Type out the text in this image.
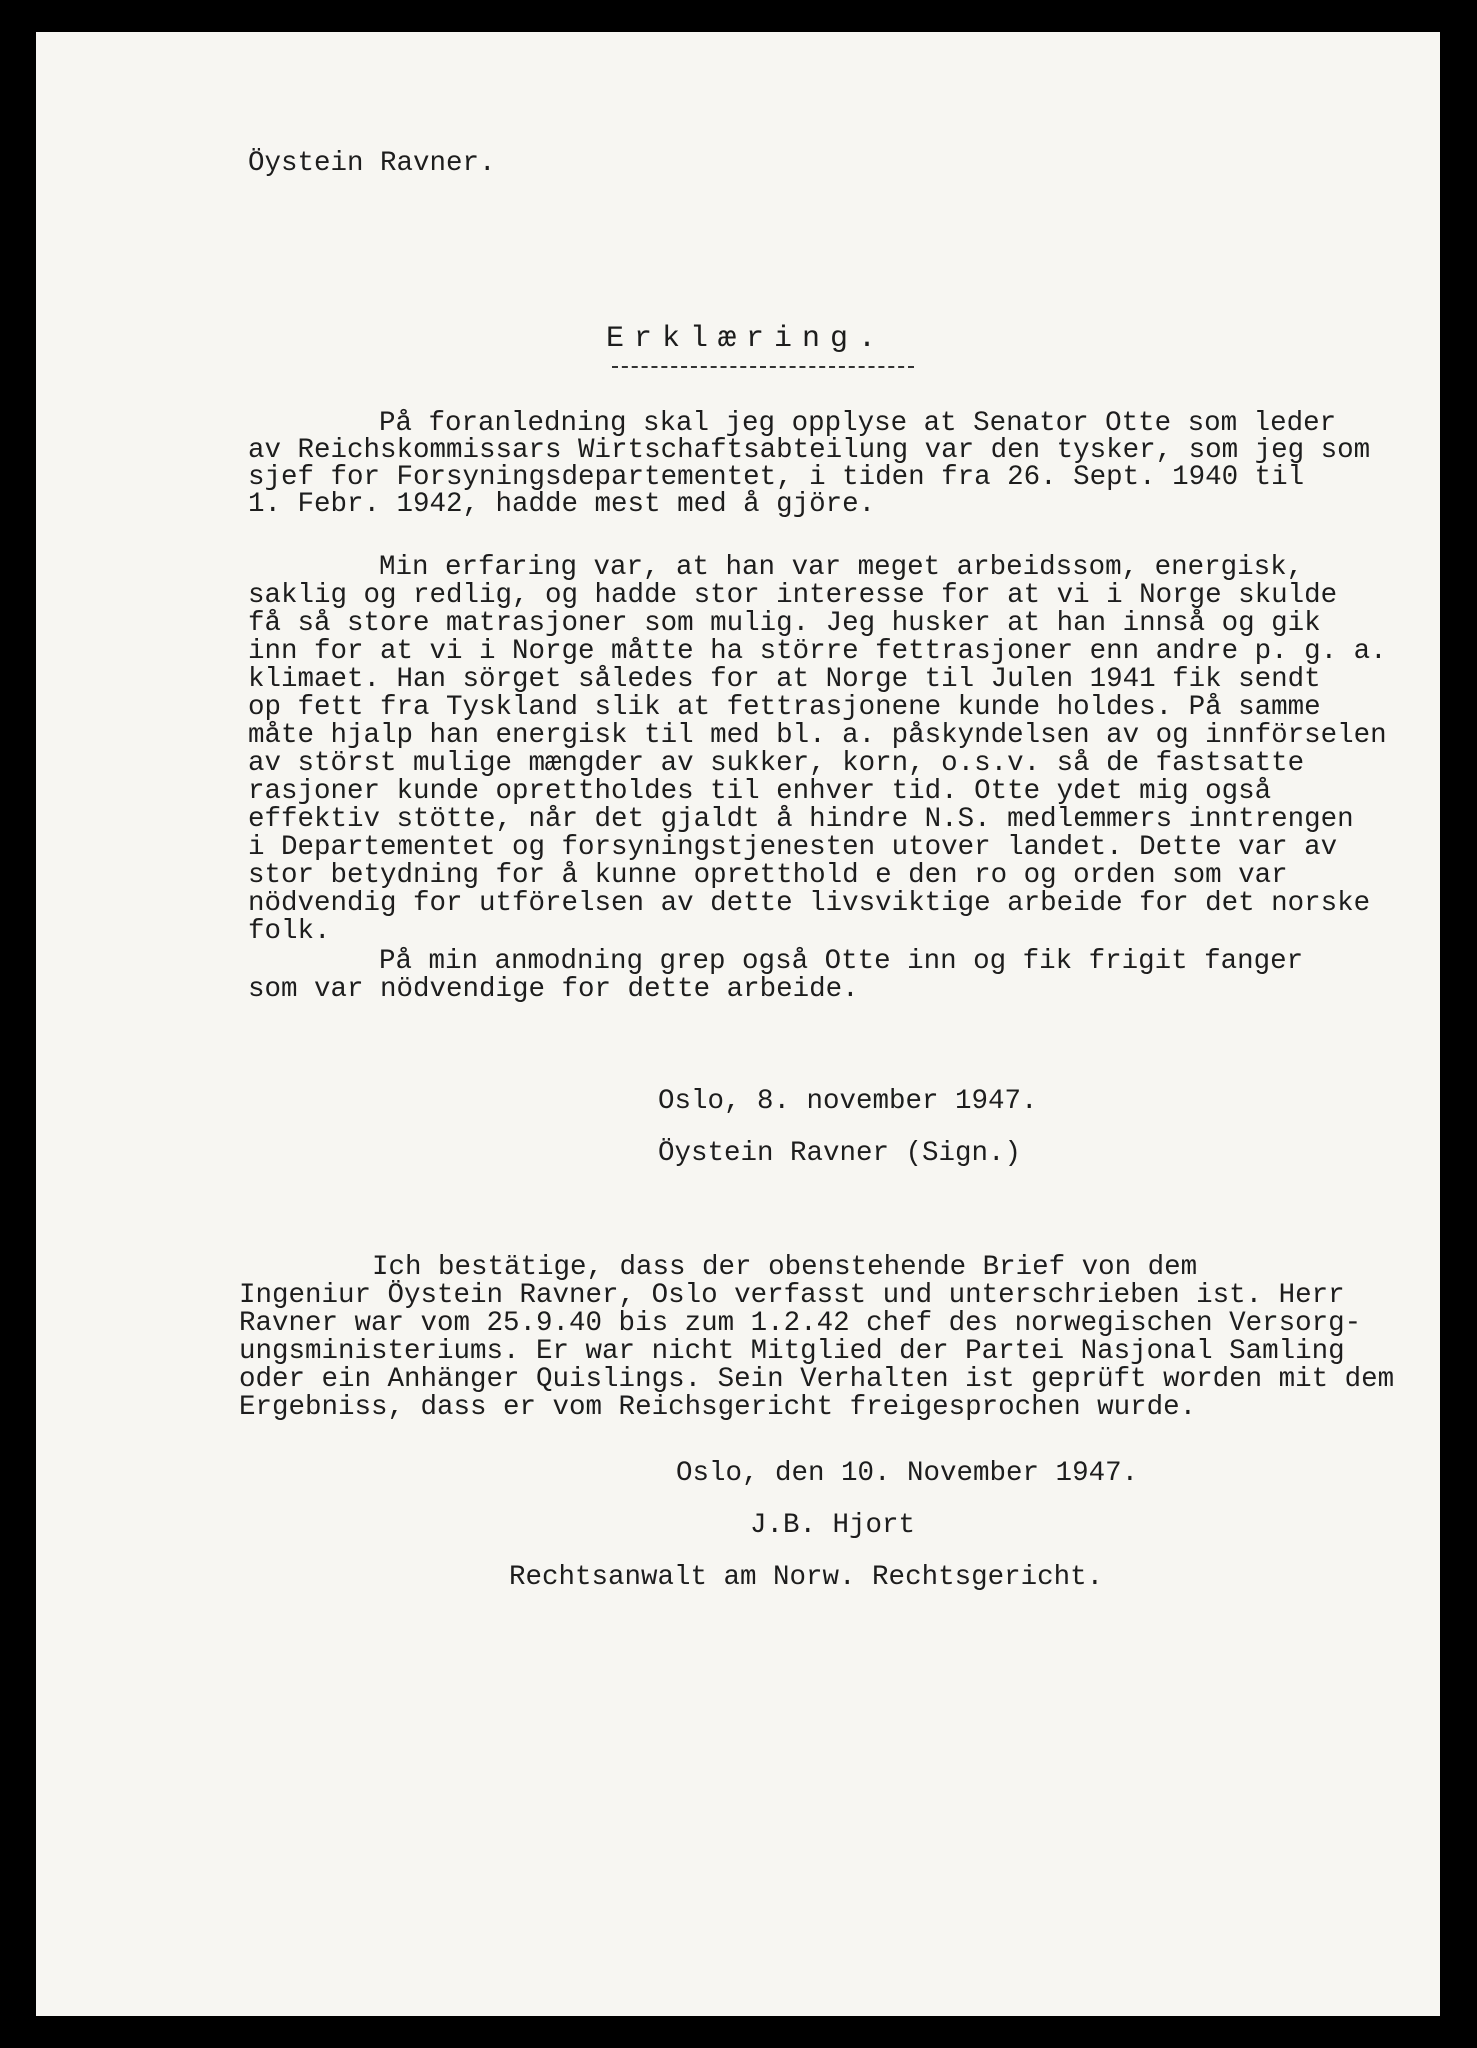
Öystein Ravner.
Erklæring.
På foranledning skal jeg opplyse at Senator Otte som leder
av Reichskommissars Wirtschaftsabteilung var den tysker, som jeg som
sjef for Forsyningsdepartementet, i tiden fra 26. Sept. 1940 til
1. Febr. 1942, hadde mest med å gjöre.
Min erfaring var, at han var meget arbeidssom, energisk,
saklig og redlig, og hadde stor interesse for at vi i Norge skulde
få så store matrasjoner som mulig. Jeg husker at han innså og gik
inn for at vi i Norge måtte ha större fettrasjoner enn andre p. g. a.
klimaet. Han sörget således for at Norge til Julen 1941 fik sendt
op fett fra Tyskland slik at fettrasjonene kunde holdes. På samme
måte hjalp han energisk til med bl. a. påskyndelsen av og innförselen
av störst mulige mængder av sukker, korn, o.s.v. så de fastsatte
rasjoner kunde oprettholdes til enhver tid. Otte ydet mig også
effektiv stötte, når det gjaldt å hindre N.S. medlemmers inntrengen
i Departementet og forsyningstjenesten utover landet. Dette var av
stor betydning for å kunne opretthold e den ro og orden som var
nödvendig for utförelsen av dette livsviktige arbeide for det norske
folk.
På min anmodning grep også Otte inn og fik frigit fanger
som var nödvendige for dette arbeide.
Oslo, 8. november 1947.
Öystein Ravner (Sign.)
Ich bestätige, dass der obenstehende Brief von dem
Ingeniur Öystein Ravner, Oslo verfasst und unterschrieben ist. Herr
Ravner war vom 25.9.40 bis zum 1.2.42 chef des norwegischen Versorg-
ungsministeriums. Er war nicht Mitglied der Partei Nasjonal Samling
oder ein Anhänger Quislings. Sein Verhalten ist geprüft worden mit dem
Ergebniss, dass er vom Reichsgericht freigesprochen wurde.
Oslo, den 10. November 1947.
J.B. Hjort
Rechtsanwalt am Norw. Rechtsgericht.
